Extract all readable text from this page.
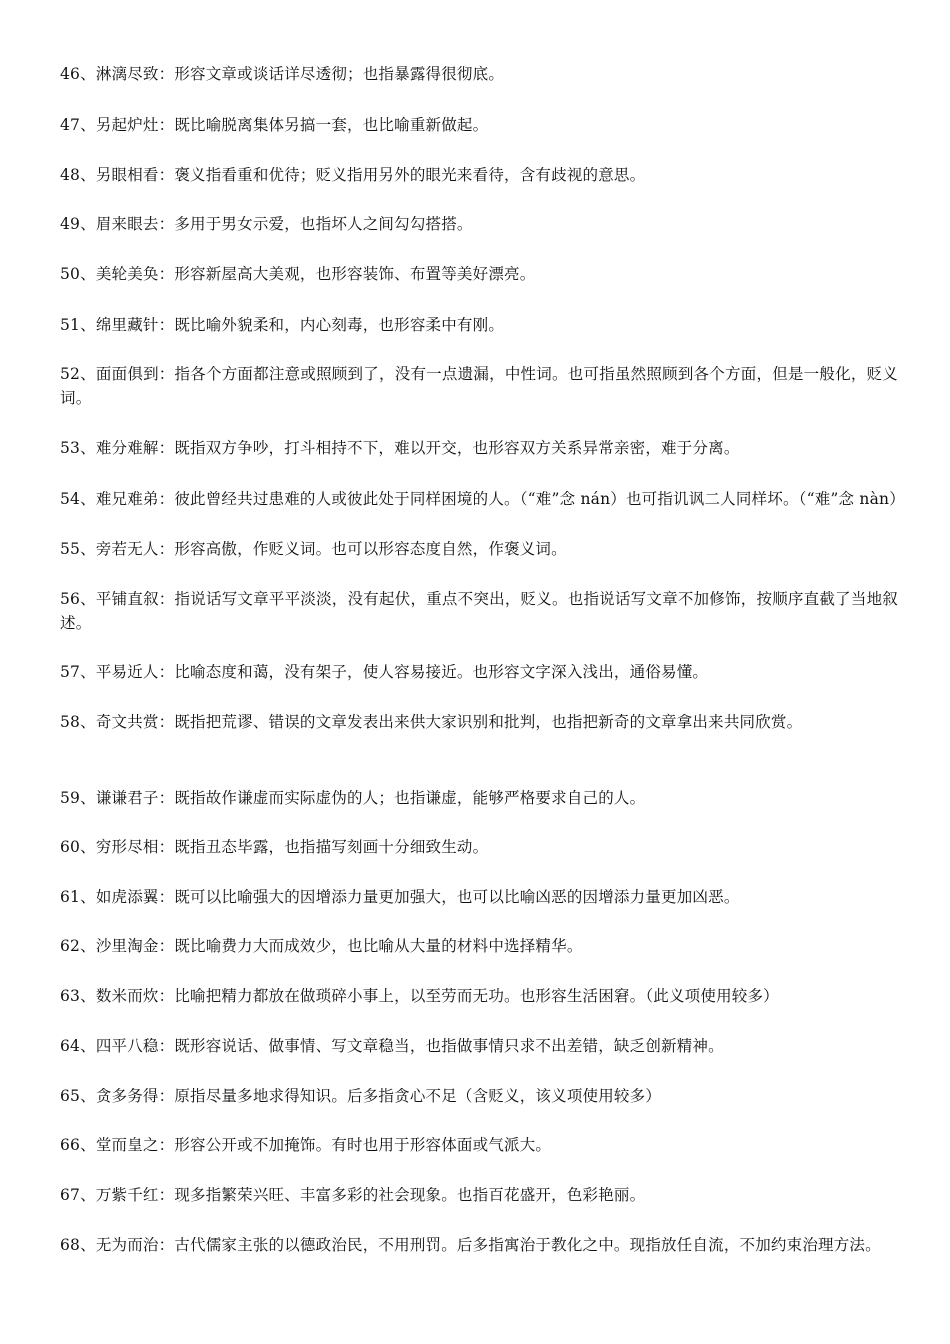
46、淋漓尽致：形容文章或谈话详尽透彻；也指暴露得很彻底。

47、另起炉灶：既比喻脱离集体另搞一套，也比喻重新做起。

48、另眼相看：褒义指看重和优待；贬义指用另外的眼光来看待，含有歧视的意思。

49、眉来眼去：多用于男女示爱，也指坏人之间勾勾搭搭。

50、美轮美奂：形容新屋高大美观，也形容装饰、布置等美好漂亮。

51、绵里藏针：既比喻外貌柔和，内心刻毒，也形容柔中有刚。

52、面面俱到：指各个方面都注意或照顾到了，没有一点遗漏，中性词。也可指虽然照顾到各个方面，但是一般化，贬义词。

53、难分难解：既指双方争吵，打斗相持不下，难以开交，也形容双方关系异常亲密，难于分离。

54、难兄难弟：彼此曾经共过患难的人或彼此处于同样困境的人。（“难”念 nán）也可指讥讽二人同样坏。（“难”念 nàn）

55、旁若无人：形容高傲，作贬义词。也可以形容态度自然，作褒义词。

56、平铺直叙：指说话写文章平平淡淡，没有起伏，重点不突出，贬义。也指说话写文章不加修饰，按顺序直截了当地叙述。

57、平易近人：比喻态度和蔼，没有架子，使人容易接近。也形容文字深入浅出，通俗易懂。

58、奇文共赏：既指把荒谬、错误的文章发表出来供大家识别和批判，也指把新奇的文章拿出来共同欣赏。

59、谦谦君子：既指故作谦虚而实际虚伪的人；也指谦虚，能够严格要求自己的人。

60、穷形尽相：既指丑态毕露，也指描写刻画十分细致生动。

61、如虎添翼：既可以比喻强大的因增添力量更加强大，也可以比喻凶恶的因增添力量更加凶恶。

62、沙里淘金：既比喻费力大而成效少，也比喻从大量的材料中选择精华。

63、数米而炊：比喻把精力都放在做琐碎小事上，以至劳而无功。也形容生活困窘。（此义项使用较多）

64、四平八稳：既形容说话、做事情、写文章稳当，也指做事情只求不出差错，缺乏创新精神。

65、贪多务得：原指尽量多地求得知识。后多指贪心不足（含贬义，该义项使用较多）

66、堂而皇之：形容公开或不加掩饰。有时也用于形容体面或气派大。

67、万紫千红：现多指繁荣兴旺、丰富多彩的社会现象。也指百花盛开，色彩艳丽。

68、无为而治：古代儒家主张的以德政治民，不用刑罚。后多指寓治于教化之中。现指放任自流，不加约束治理方法。
